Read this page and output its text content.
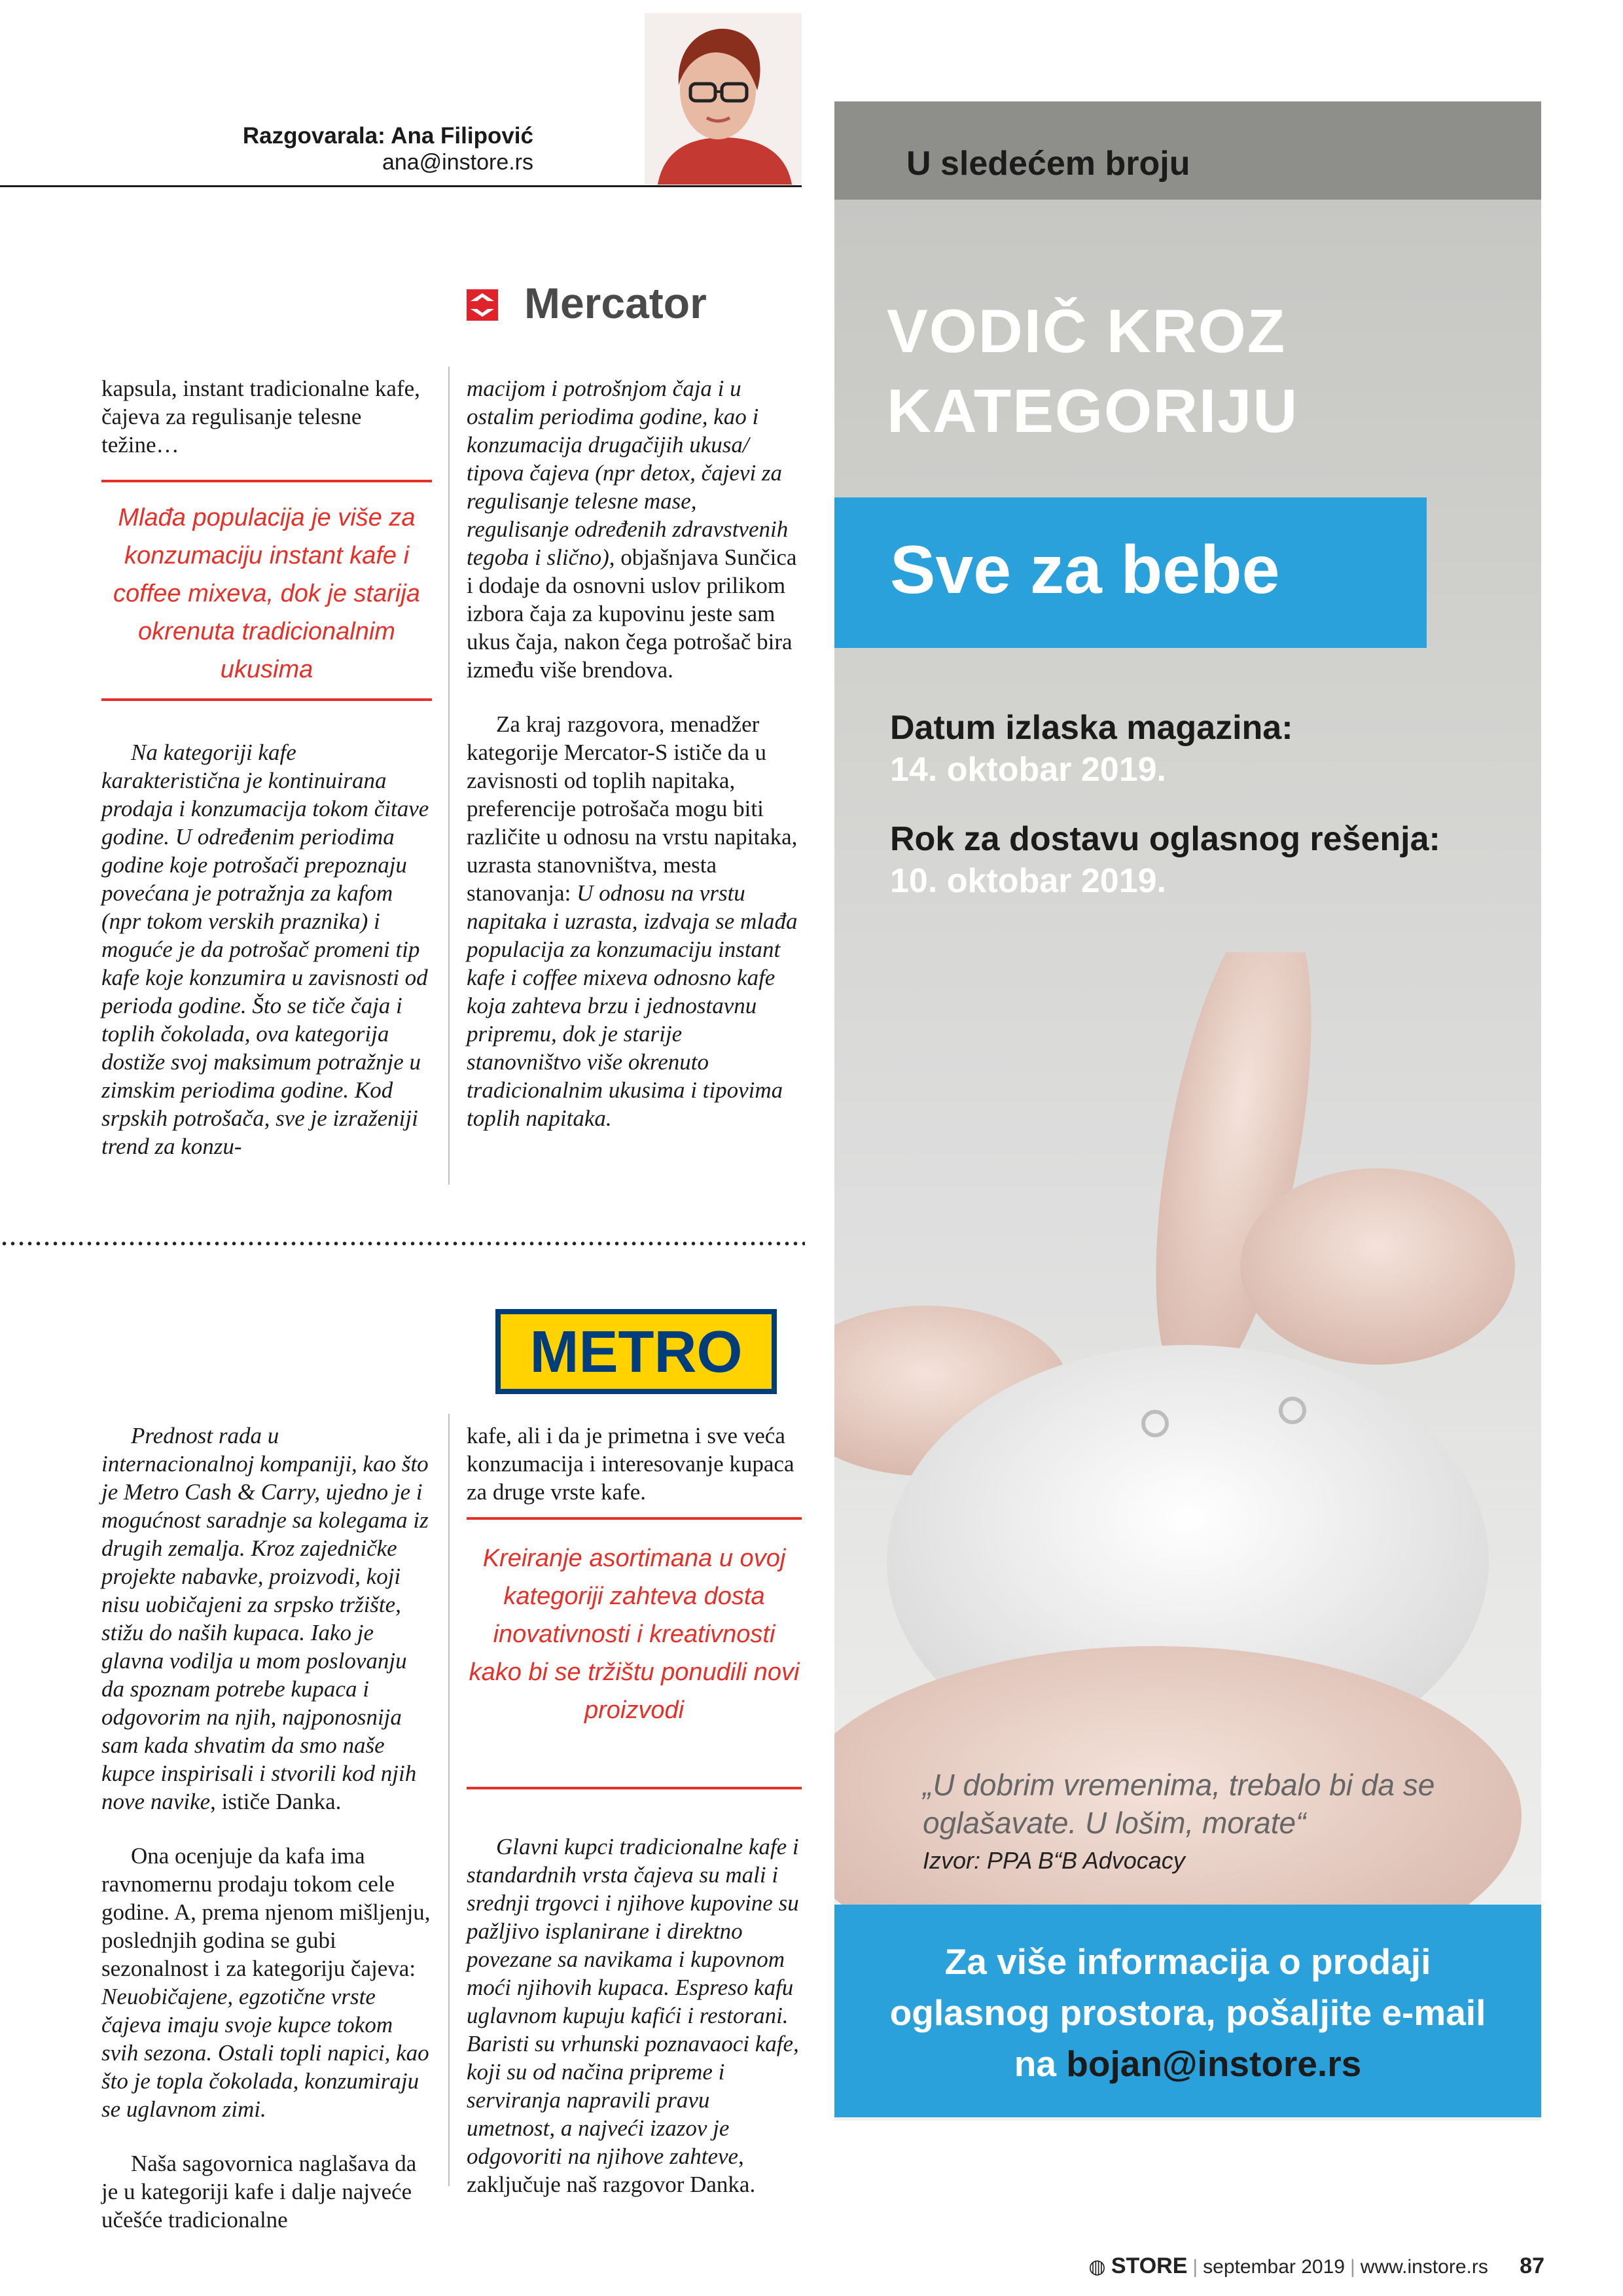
Razgovarala: Ana Filipović
ana@instore.rs
Mercator

kapsula, instant tradicionalne kafe, čajeva za regulisanje telesne težine…

Mlađa populacija je više za konzumaciju instant kafe i coffee mixeva, dok je starija okrenuta tradicionalnim ukusima

Na kategoriji kafe karakteristična je kontinuirana prodaja i konzumacija tokom čitave godine. U određenim periodima godine koje potrošači prepoznaju povećana je potražnja za kafom (npr tokom verskih praznika) i moguće je da potrošač promeni tip kafe koje konzumira u zavisnosti od perioda godine. Što se tiče čaja i toplih čokolada, ova kategorija dostiže svoj maksimum potražnje u zimskim periodima godine. Kod srpskih potrošača, sve je izraženiji trend za konzu-

macijom i potrošnjom čaja i u ostalim periodima godine, kao i konzumacija drugačijih ukusa/ tipova čajeva (npr detox, čajevi za regulisanje telesne mase, regulisanje određenih zdravstvenih tegoba i slično), objašnjava Sunčica i dodaje da osnovni uslov prilikom izbora čaja za kupovinu jeste sam ukus čaja, nakon čega potrošač bira između više brendova.

Za kraj razgovora, menadžer kategorije Mercator-S ističe da u zavisnosti od toplih napitaka, preferencije potrošača mogu biti različite u odnosu na vrstu napitaka, uzrasta stanovništva, mesta stanovanja: U odnosu na vrstu napitaka i uzrasta, izdvaja se mlađa populacija za konzumaciju instant kafe i coffee mixeva odnosno kafe koja zahteva brzu i jednostavnu pripremu, dok je starije stanovništvo više okrenuto tradicionalnim ukusima i tipovima toplih napitaka.

METRO

Prednost rada u internacionalnoj kompaniji, kao što je Metro Cash & Carry, ujedno je i mogućnost saradnje sa kolegama iz drugih zemalja. Kroz zajedničke projekte nabavke, proizvodi, koji nisu uobičajeni za srpsko tržište, stižu do naših kupaca. Iako je glavna vodilja u mom poslovanju da spoznam potrebe kupaca i odgovorim na njih, najponosnija sam kada shvatim da smo naše kupce inspirisali i stvorili kod njih nove navike, ističe Danka.

Ona ocenjuje da kafa ima ravnomernu prodaju tokom cele godine. A, prema njenom mišljenju, poslednjih godina se gubi sezonalnost i za kategoriju čajeva: Neuobičajene, egzotične vrste čajeva imaju svoje kupce tokom svih sezona. Ostali topli napici, kao što je topla čokolada, konzumiraju se uglavnom zimi.

Naša sagovornica naglašava da je u kategoriji kafe i dalje najveće učešće tradicionalne

kafe, ali i da je primetna i sve veća konzumacija i interesovanje kupaca za druge vrste kafe.

Kreiranje asortimana u ovoj kategoriji zahteva dosta inovativnosti i kreativnosti kako bi se tržištu ponudili novi proizvodi

Glavni kupci tradicionalne kafe i standardnih vrsta čajeva su mali i srednji trgovci i njihove kupovine su pažljivo isplanirane i direktno povezane sa navikama i kupovnom moći njihovih kupaca. Espreso kafu uglavnom kupuju kafići i restorani. Baristi su vrhunski poznavaoci kafe, koji su od načina pripreme i serviranja napravili pravu umetnost, a najveći izazov je odgovoriti na njihove zahteve, zaključuje naš razgovor Danka.

U sledećem broju
VODIČ KROZ
KATEGORIJU
Sve za bebe
Datum izlaska magazina:
14. oktobar 2019.
Rok za dostavu oglasnog rešenja:
10. oktobar 2019.
„U dobrim vremenima, trebalo bi da se oglašavate. U lošim, morate“
Izvor: PPA B“B Advocacy
Za više informacija o prodaji
oglasnog prostora, pošaljite e-mail
na bojan@instore.rs
◍ STORE | septembar 2019 | www.instore.rs 87
